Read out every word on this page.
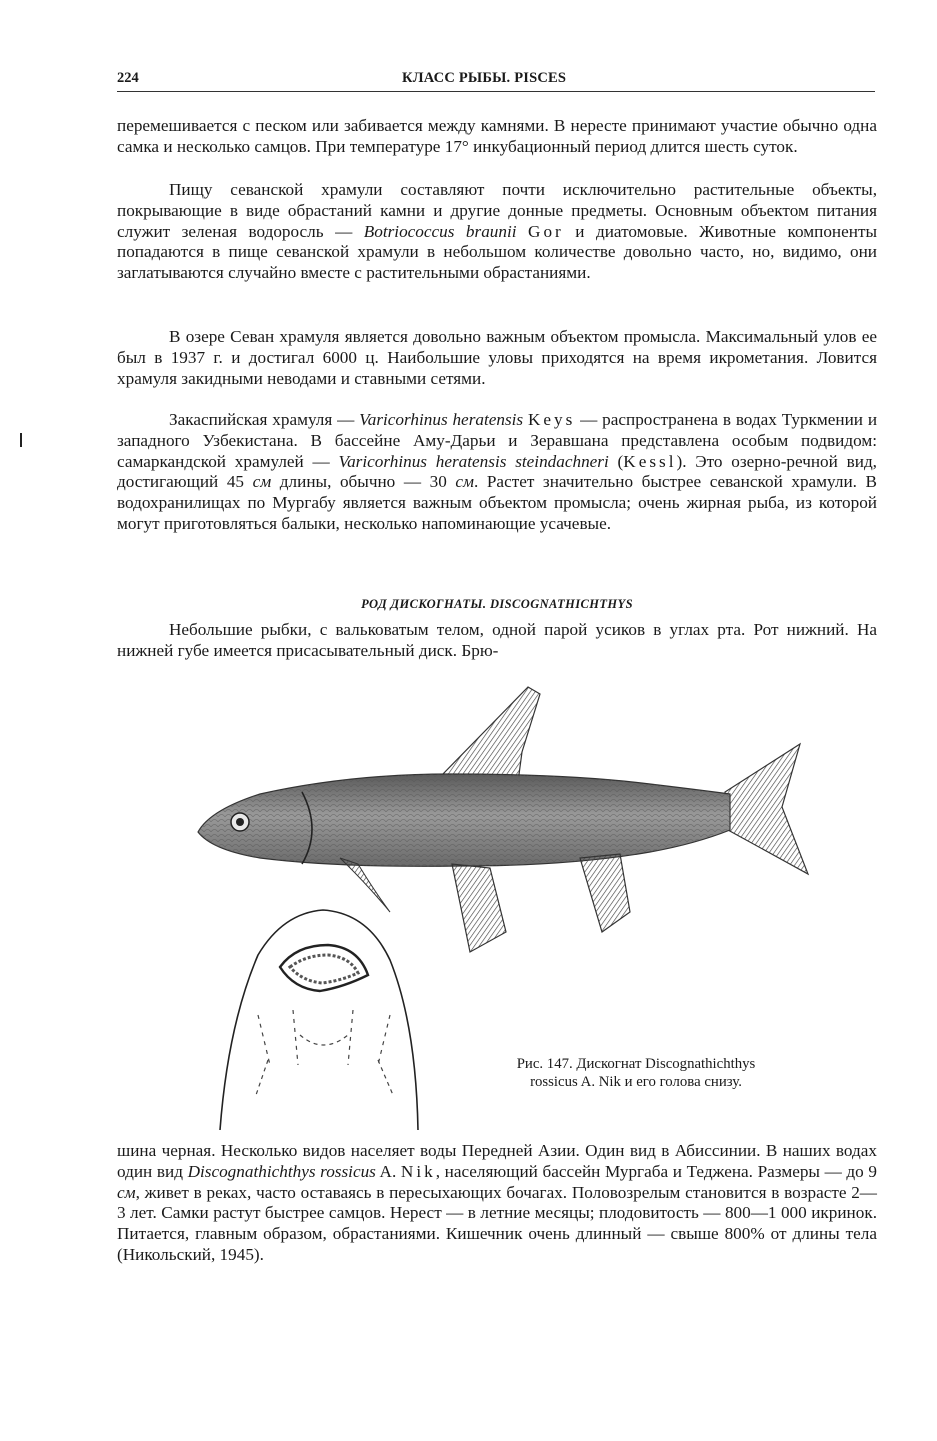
224	КЛАСС РЫБЫ. PISCES

перемешивается с песком или забивается между камнями. В нересте принимают участие обычно одна самка и несколько самцов. При температуре 17° инкубационный период длится шесть суток.

Пищу севанской храмули составляют почти исключительно растительные объекты, покрывающие в виде обрастаний камни и другие донные предметы. Основным объектом питания служит зеленая водоросль — Botriococcus braunii Gor и диатомовые. Животные компоненты попадаются в пище севанской храмули в небольшом количестве довольно часто, но, видимо, они заглатываются случайно вместе с растительными обрастаниями.

В озере Севан храмуля является довольно важным объектом промысла. Максимальный улов ее был в 1937 г. и достигал 6000 ц. Наибольшие уловы приходятся на время икрометания. Ловится храмуля закидными неводами и ставными сетями.

Закаспийская храмуля — Varicorhinus heratensis Keys — распространена в водах Туркмении и западного Узбекистана. В бассейне Аму-Дарьи и Зеравшана представлена особым подвидом: самаркандской храмулей — Varicorhinus heratensis steindachneri (Kessl). Это озерно-речной вид, достигающий 45 см длины, обычно — 30 см. Растет значительно быстрее севанской храмули. В водохранилищах по Мургабу является важным объектом промысла; очень жирная рыба, из которой могут приготовляться балыки, несколько напоминающие усачевые.

РОД ДИСКОГНАТЫ. DISCOGNATHICHTHYS

Небольшие рыбки, с вальковатым телом, одной парой усиков в углах рта. Рот нижний. На нижней губе имеется присасывательный диск. Брю-

Рис. 147. Дискогнат Discognathichthys
rossicus A. Nik и его голова снизу.

шина черная. Несколько видов населяет воды Передней Азии. Один вид в Абиссинии. В наших водах один вид Discognathichthys rossicus A. Nik, населяющий бассейн Мургаба и Теджена. Размеры — до 9 см, живет в реках, часто оставаясь в пересыхающих бочагах. Половозрелым становится в возрасте 2—3 лет. Самки растут быстрее самцов. Нерест — в летние месяцы; плодовитость — 800—1 000 икринок. Питается, главным образом, обрастаниями. Кишечник очень длинный — свыше 800% от длины тела (Никольский, 1945).
